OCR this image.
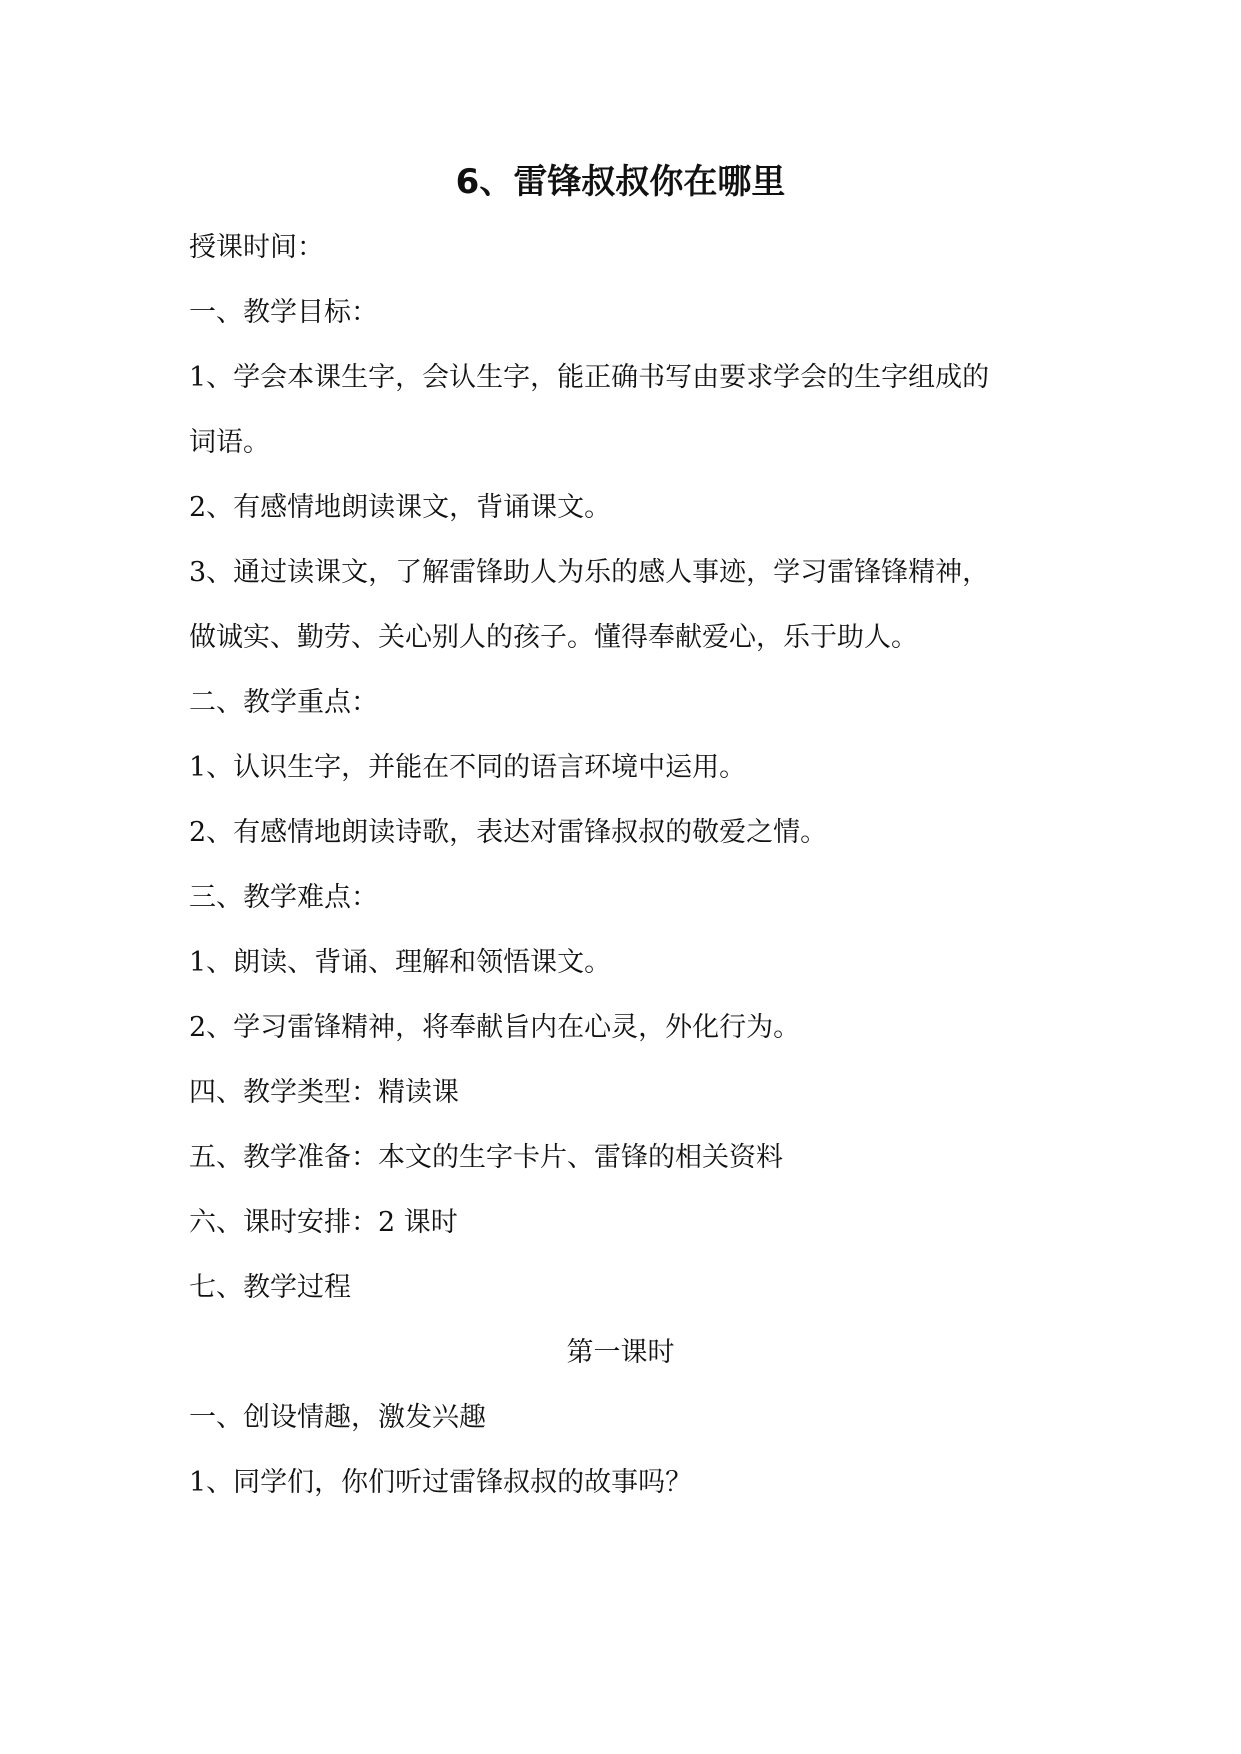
6、雷锋叔叔你在哪里
授课时间：
一、教学目标：
1、学会本课生字，会认生字，能正确书写由要求学会的生字组成的
词语。
2、有感情地朗读课文，背诵课文。
3、通过读课文，了解雷锋助人为乐的感人事迹，学习雷锋锋精神，
做诚实、勤劳、关心别人的孩子。懂得奉献爱心，乐于助人。
二、教学重点：
1、认识生字，并能在不同的语言环境中运用。
2、有感情地朗读诗歌，表达对雷锋叔叔的敬爱之情。
三、教学难点：
1、朗读、背诵、理解和领悟课文。
2、学习雷锋精神，将奉献旨内在心灵，外化行为。
四、教学类型：精读课
五、教学准备：本文的生字卡片、雷锋的相关资料
六、课时安排：2 课时
七、教学过程
第一课时
一、创设情趣，激发兴趣
1、同学们，你们听过雷锋叔叔的故事吗？
